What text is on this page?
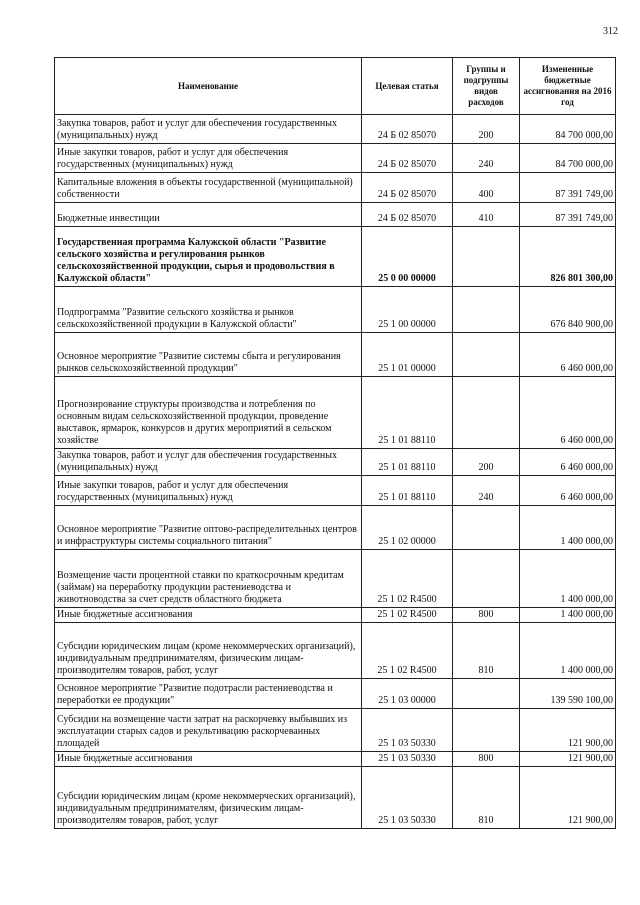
312
Наименование	Целевая статья	Группы и подгруппы видов расходов	Измененные бюджетные ассигнования на 2016 год
Закупка товаров, работ и услуг для обеспечения государственных (муниципальных) нужд	24 Б 02 85070	200	84 700 000,00
Иные закупки товаров, работ и услуг для обеспечения государственных (муниципальных) нужд	24 Б 02 85070	240	84 700 000,00
Капитальные вложения в объекты государственной (муниципальной) собственности	24 Б 02 85070	400	87 391 749,00
Бюджетные инвестиции	24 Б 02 85070	410	87 391 749,00
Государственная программа Калужской области "Развитие сельского хозяйства и регулирования рынков сельскохозяйственной продукции, сырья и продовольствия в Калужской области"	25 0 00 00000		826 801 300,00
Подпрограмма "Развитие сельского хозяйства и рынков сельскохозяйственной продукции в Калужской области"	25 1 00 00000		676 840 900,00
Основное мероприятие "Развитие системы сбыта и регулирования рынков сельскохозяйственной продукции"	25 1 01 00000		6 460 000,00
Прогнозирование структуры производства и потребления по основным видам сельскохозяйственной продукции, проведение выставок, ярмарок, конкурсов и других мероприятий в сельском хозяйстве	25 1 01 88110		6 460 000,00
Закупка товаров, работ и услуг для обеспечения государственных (муниципальных) нужд	25 1 01 88110	200	6 460 000,00
Иные закупки товаров, работ и услуг для обеспечения государственных (муниципальных) нужд	25 1 01 88110	240	6 460 000,00
Основное мероприятие "Развитие оптово-распределительных центров и инфраструктуры системы социального питания"	25 1 02 00000		1 400 000,00
Возмещение части процентной ставки по краткосрочным кредитам (займам) на переработку продукции растениеводства и животноводства за счет средств областного бюджета	25 1 02 R4500		1 400 000,00
Иные бюджетные ассигнования	25 1 02 R4500	800	1 400 000,00
Субсидии юридическим лицам (кроме некоммерческих организаций), индивидуальным предпринимателям, физическим лицам-производителям товаров, работ, услуг	25 1 02 R4500	810	1 400 000,00
Основное мероприятие "Развитие подотрасли растениеводства и переработки ее продукции"	25 1 03 00000		139 590 100,00
Субсидии на возмещение части затрат на раскорчевку выбывших из эксплуатации старых садов и рекультивацию раскорчеванных площадей	25 1 03 50330		121 900,00
Иные бюджетные ассигнования	25 1 03 50330	800	121 900,00
Субсидии юридическим лицам (кроме некоммерческих организаций), индивидуальным предпринимателям, физическим лицам-производителям товаров, работ, услуг	25 1 03 50330	810	121 900,00
